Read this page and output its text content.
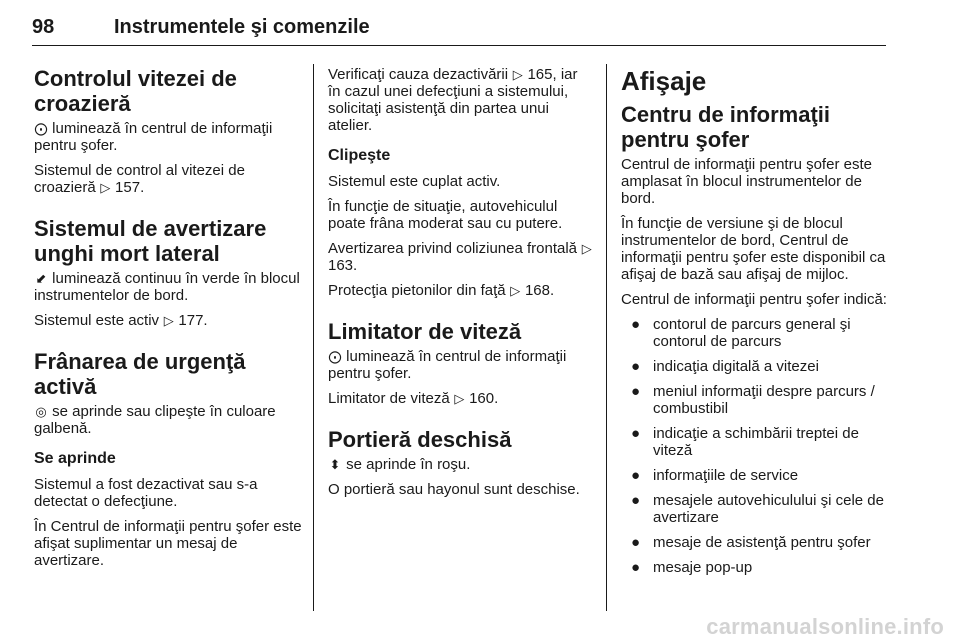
98	Instrumentele şi comenzile
Controlul vitezei de croazieră

⨀ luminează în centrul de informaţii pentru şofer.

Sistemul de control al vitezei de croazieră ▷ 157.

Sistemul de avertizare unghi mort lateral

⬋ luminează continuu în verde în blocul instrumentelor de bord.

Sistemul este activ ▷ 177.

Frânarea de urgenţă activă

◎ se aprinde sau clipeşte în culoare galbenă.

Se aprinde

Sistemul a fost dezactivat sau s-a detectat o defecţiune.

În Centrul de informaţii pentru şofer este afişat suplimentar un mesaj de avertizare.

Verificaţi cauza dezactivării ▷ 165, iar în cazul unei defecţiuni a sistemului, solicitaţi asistenţă din partea unui atelier.

Clipeşte

Sistemul este cuplat activ.

În funcţie de situaţie, autovehiculul poate frâna moderat sau cu putere.

Avertizarea privind coliziunea frontală ▷ 163.

Protecţia pietonilor din faţă ▷ 168.

Limitator de viteză

⨀ luminează în centrul de informaţii pentru şofer.

Limitator de viteză ▷ 160.

Portieră deschisă

⬍ se aprinde în roşu.

O portieră sau hayonul sunt deschise.

Afişaje
Centru de informaţii pentru şofer

Centrul de informaţii pentru şofer este amplasat în blocul instrumentelor de bord.

În funcţie de versiune şi de blocul instrumentelor de bord, Centrul de informaţii pentru şofer este disponibil ca afişaj de bază sau afişaj de mijloc.

Centrul de informaţii pentru şofer indică:

● contorul de parcurs general şi contorul de parcurs
● indicaţia digitală a vitezei
● meniul informaţii despre parcurs / combustibil
● indicaţie a schimbării treptei de viteză
● informaţiile de service
● mesajele autovehiculului şi cele de avertizare
● mesaje de asistenţă pentru şofer
● mesaje pop-up
carmanualsonline.info
